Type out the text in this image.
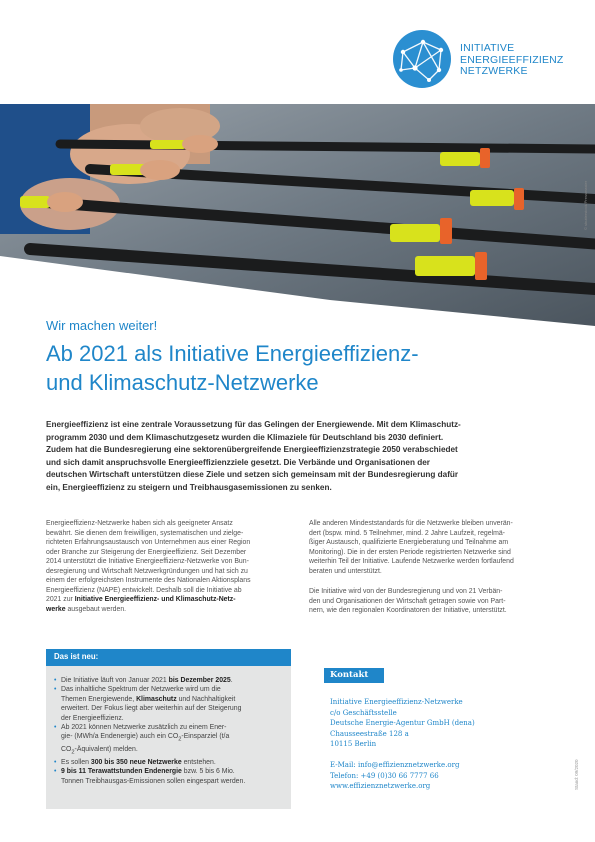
INITIATIVE
ENERGIEEFFIZIENZ
NETZWERKE
© shutterstock/Pressmaster
Wir machen weiter!
Ab 2021 als Initiative Energieeffizienz-
und Klimaschutz-Netzwerke
Energieeffizienz ist eine zentrale Voraussetzung für das Gelingen der Energiewende. Mit dem Klimaschutz-
programm 2030 und dem Klimaschutzgesetz wurden die Klimaziele für Deutschland bis 2030 definiert.
Zudem hat die Bundesregierung eine sektorenübergreifende Energieeffizienzstrategie 2050 verabschiedet
und sich damit anspruchsvolle Energieeffizienzziele gesetzt. Die Verbände und Organisationen der
deutschen Wirtschaft unterstützen diese Ziele und setzen sich gemeinsam mit der Bundesregierung dafür
ein, Energieeffizienz zu steigern und Treibhausgasemissionen zu senken.
Energieeffizienz-Netzwerke haben sich als geeigneter Ansatz
bewährt. Sie dienen dem freiwilligen, systematischen und zielge-
richteten Erfahrungsaustausch von Unternehmen aus einer Region
oder Branche zur Steigerung der Energieeffizienz. Seit Dezember
2014 unterstützt die Initiative Energieeffizienz-Netzwerke von Bun-
desregierung und Wirtschaft Netzwerkgründungen und hat sich zu
einem der erfolgreichsten Instrumente des Nationalen Aktionsplans
Energieeffizienz (NAPE) entwickelt. Deshalb soll die Initiative ab
2021 zur Initiative Energieeffizienz- und Klimaschutz-Netz-
werke ausgebaut werden.
Alle anderen Mindeststandards für die Netzwerke bleiben unverän-
dert (bspw. mind. 5 Teilnehmer, mind. 2 Jahre Laufzeit, regelmä-
ßiger Austausch, qualifizierte Energieberatung und Teilnahme am
Monitoring). Die in der ersten Periode registrierten Netzwerke sind
weiterhin Teil der Initiative. Laufende Netzwerke werden fortlaufend
beraten und unterstützt.
Die Initiative wird von der Bundesregierung und von 21 Verbän-
den und Organisationen der Wirtschaft getragen sowie von Part-
nern, wie den regionalen Koordinatoren der Initiative, unterstützt.
Das ist neu:
• Die Initiative läuft von Januar 2021 bis Dezember 2025.
• Das inhaltliche Spektrum der Netzwerke wird um die
Themen Energiewende, Klimaschutz und Nachhaltigkeit
erweitert. Der Fokus liegt aber weiterhin auf der Steigerung
der Energieeffizienz.
• Ab 2021 können Netzwerke zusätzlich zu einem Ener-
gie- (MWh/a Endenergie) auch ein $CO_2$-Einsparziel (t/a
$CO_2-Äquivalent$) melden.
• Es sollen 300 bis 350 neue Netzwerke entstehen.
• 9 bis 11 Terawattstunden Endenergie bzw. 5 bis 6 Mio.
Tonnen Treibhausgas-Emissionen sollen eingespart werden.
Kontakt
Initiative Energieeffizienz-Netzwerke
c/o Geschäftsstelle
Deutsche Energie-Agentur GmbH (dena)
Chausseestraße 128 a
10115 Berlin
E-Mail: info@effizienznetzwerke.org
Telefon: +49 (0)30 66 7777 66
www.effizienznetzwerke.org	Stand: 09/2020
